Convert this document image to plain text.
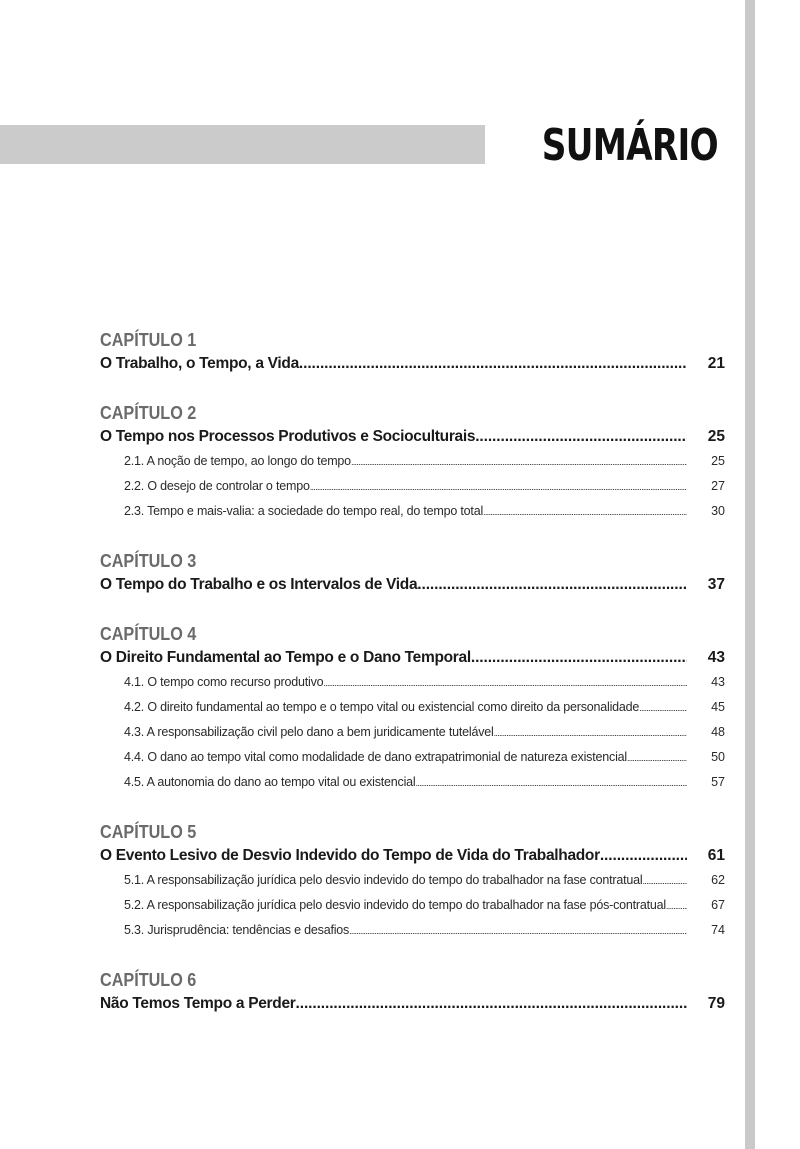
SUMÁRIO
CAPÍTULO 1
O Trabalho, o Tempo, a Vida . . .	21
CAPÍTULO 2
O Tempo nos Processos Produtivos e Socioculturais . . .	25
2.1. A noção de tempo, ao longo do tempo . . .	25
2.2. O desejo de controlar o tempo . . .	27
2.3. Tempo e mais-valia: a sociedade do tempo real, do tempo total . . .	30
CAPÍTULO 3
O Tempo do Trabalho e os Intervalos de Vida . . .	37
CAPÍTULO 4
O Direito Fundamental ao Tempo e o Dano Temporal . . .	43
4.1. O tempo como recurso produtivo . . .	43
4.2. O direito fundamental ao tempo e o tempo vital ou existencial como direito da personalidade . . .	45
4.3. A responsabilização civil pelo dano a bem juridicamente tutelável . . .	48
4.4. O dano ao tempo vital como modalidade de dano extrapatrimonial de natureza existencial . . .	50
4.5. A autonomia do dano ao tempo vital ou existencial . . .	57
CAPÍTULO 5
O Evento Lesivo de Desvio Indevido do Tempo de Vida do Trabalhador . . .	61
5.1. A responsabilização jurídica pelo desvio indevido do tempo do trabalhador na fase contratual . . .	62
5.2. A responsabilização jurídica pelo desvio indevido do tempo do trabalhador na fase pós-contratual . . .	67
5.3. Jurisprudência: tendências e desafios . . .	74
CAPÍTULO 6
Não Temos Tempo a Perder . . .	79
